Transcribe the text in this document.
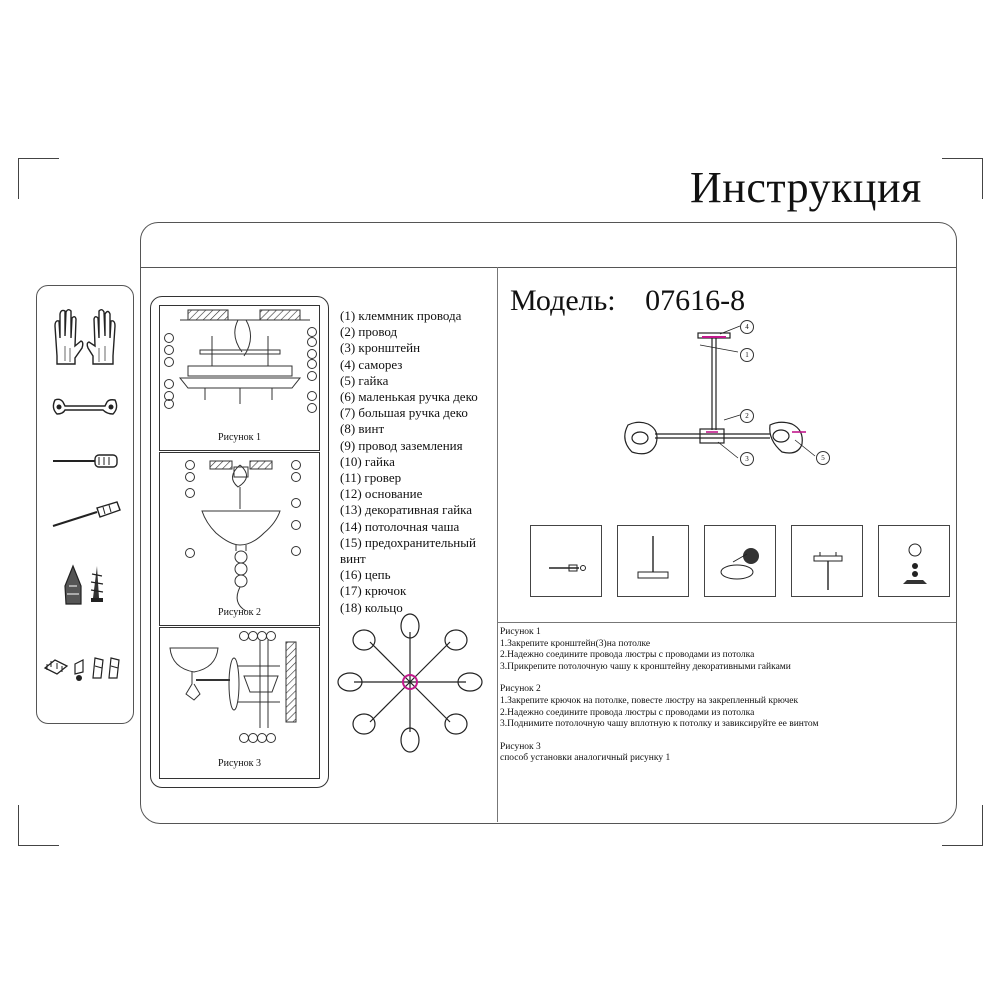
Инструкция
Рисунок 1
Рисунок 2
Рисунок 3
(1) клеммник провода
(2) провод
(3) кронштейн
(4) саморез
(5) гайка
(6) маленькая ручка деко
(7) большая ручка деко
(8) винт
(9) провод заземления
(10) гайка
(11) гровер
(12) основание
(13) декоративная гайка
(14) потолочная чаша
(15) предохранительный
винт
(16) цепь
(17) крючок
(18) кольцо
Модель: 07616-8
4
1
2
3	5
Рисунок 1
1.Закрепите кронштейн(3)на потолке
2.Надежно соедините провода люстры с проводами из потолка
3.Прикрепите потолочную чашу к кронштейну декоративными гайками
Рисунок 2
1.Закрепите крючок на потолке, повесте люстру на закрепленный крючек
2.Надежно соедините провода люстры с проводами из потолка
3.Поднимите потолочную чашу вплотную к потолку и завиксируйте ее винтом
Рисунок 3
способ установки аналогичный рисунку 1
